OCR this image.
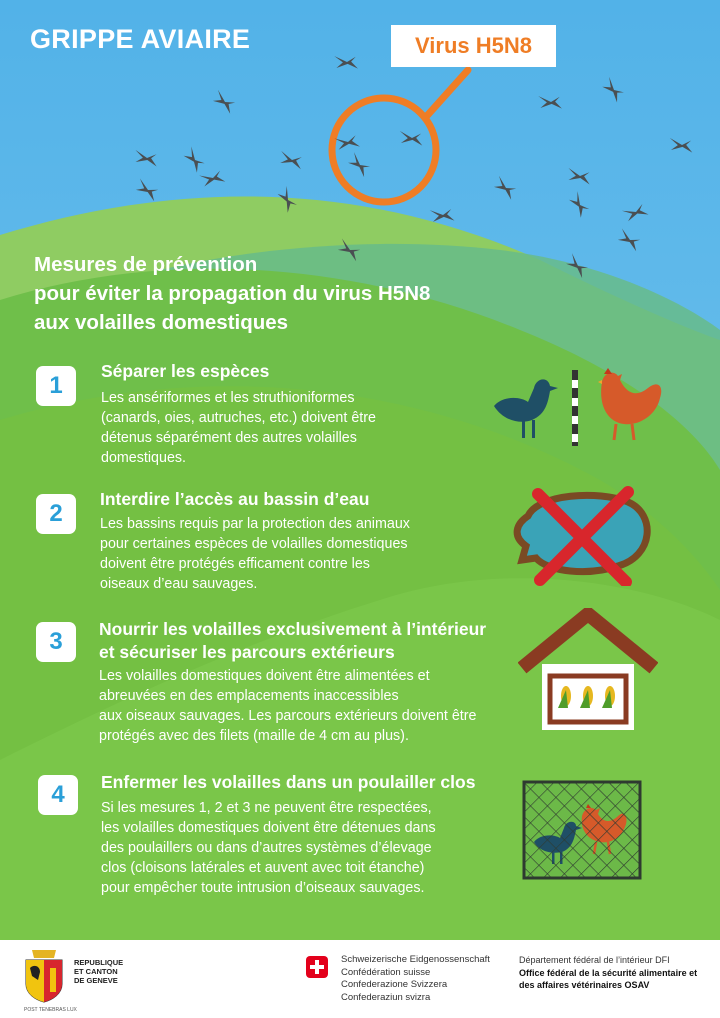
GRIPPE AVIAIRE	Virus H5N8
Mesures de prévention
pour éviter la propagation du virus H5N8
aux volailles domestiques
1
Séparer les espèces
Les ansériformes et les struthioniformes
(canards, oies, autruches, etc.) doivent être
détenus séparément des autres volailles
domestiques.
2
Interdire l’accès au bassin d’eau
Les bassins requis par la protection des animaux
pour certaines espèces de volailles domestiques
doivent être protégés efficament contre les
oiseaux d’eau sauvages.
3	Nourrir les volailles exclusivement à l’intérieur
et sécuriser les parcours extérieurs
Les volailles domestiques doivent être alimentées et
abreuvées en des emplacements inaccessibles
aux oiseaux sauvages. Les parcours extérieurs doivent être
protégés avec des filets (maille de 4 cm au plus).
4	Enfermer les volailles dans un poulailler clos
Si les mesures 1, 2 et 3 ne peuvent être respectées,
les volailles domestiques doivent être détenues dans
des poulaillers ou dans d’autres systèmes d’élevage
clos (cloisons latérales et auvent avec toit étanche)
pour empêcher toute intrusion d’oiseaux sauvages.
REPUBLIQUE
ET CANTON
DE GENEVE
POST TENEBRAS LUX
Schweizerische Eidgenossenschaft
Confédération suisse
Confederazione Svizzera
Confederaziun svizra
Département fédéral de l’intérieur DFI
Office fédéral de la sécurité alimentaire et
des affaires vétérinaires OSAV
